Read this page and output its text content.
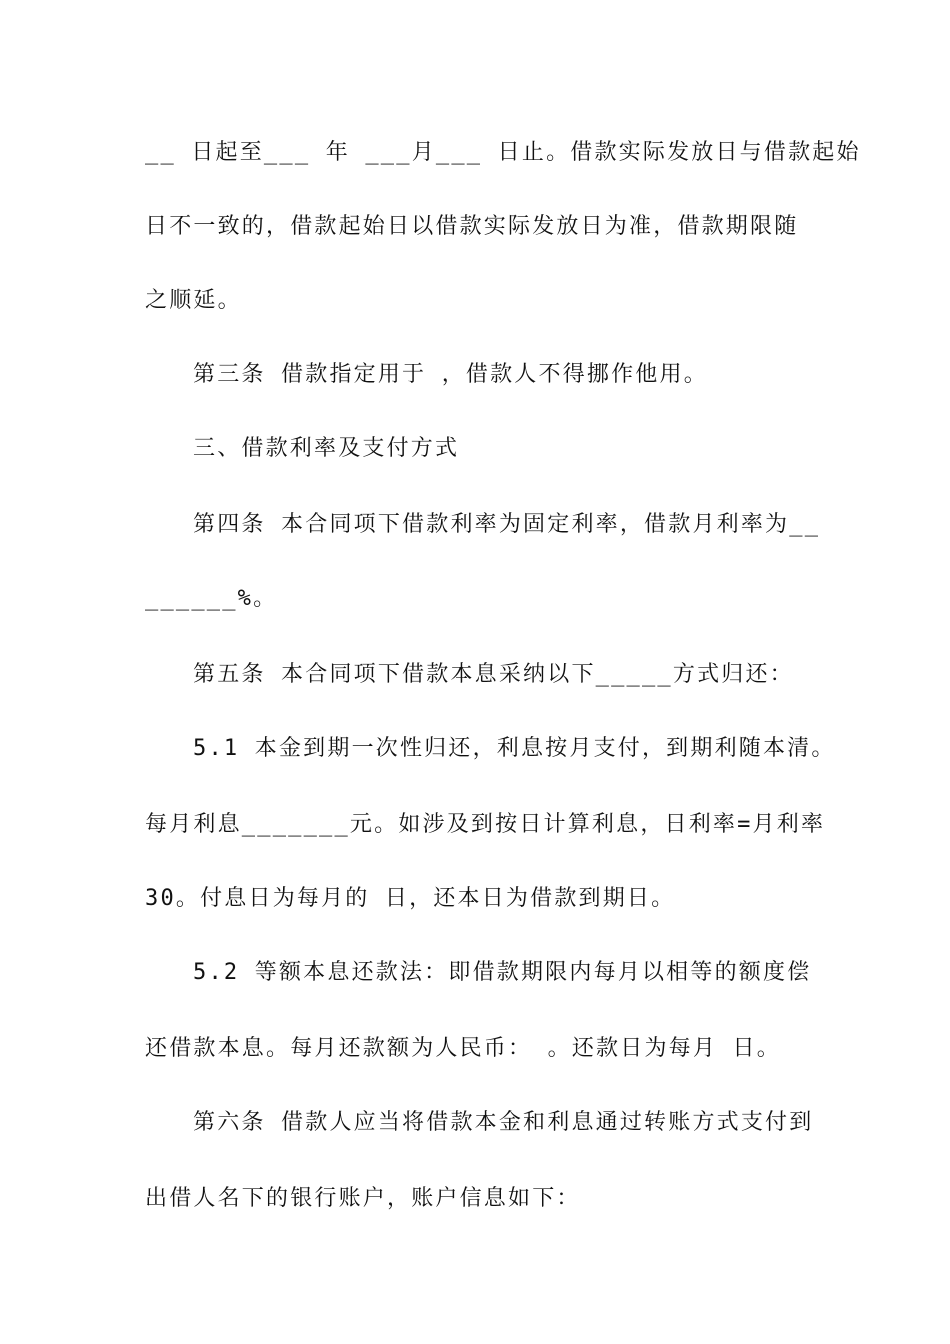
__ 日起至___ 年 ___月___ 日止。借款实际发放日与借款起始
日不一致的，借款起始日以借款实际发放日为准，借款期限随
之顺延。
第三条 借款指定用于 ，借款人不得挪作他用。
三、借款利率及支付方式
第四条 本合同项下借款利率为固定利率，借款月利率为__
______%。
第五条 本合同项下借款本息采纳以下_____方式归还：
5.1 本金到期一次性归还，利息按月支付，到期利随本清。
每月利息_______元。如涉及到按日计算利息，日利率=月利率
30。付息日为每月的 日，还本日为借款到期日。
5.2 等额本息还款法：即借款期限内每月以相等的额度偿
还借款本息。每月还款额为人民币： 。还款日为每月 日。
第六条 借款人应当将借款本金和利息通过转账方式支付到
出借人名下的银行账户，账户信息如下：
